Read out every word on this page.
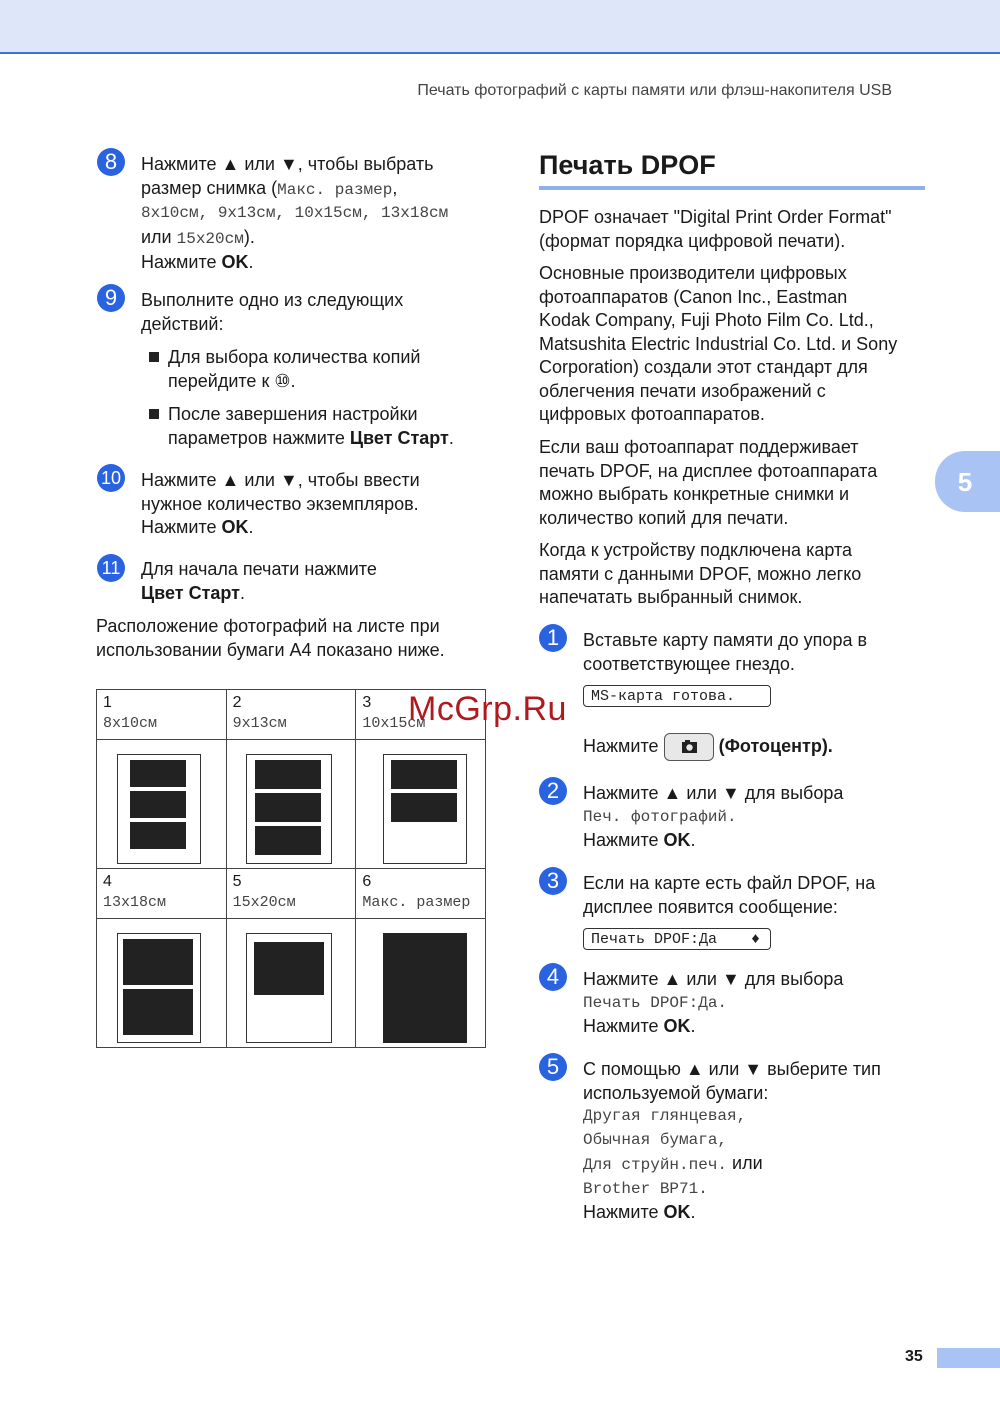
Печать фотографий с карты памяти или флэш-накопителя USB
8	Нажмите ▲ или ▼, чтобы выбрать
размер снимка (Макс. размер,
8x10см, 9x13см, 10x15см, 13x18см
или 15x20см).
Нажмите OK.
9	Выполните одно из следующих
действий:
Для выбора количества копий
перейдите к ⑩.
После завершения настройки
параметров нажмите Цвет Старт.
10 Нажмите ▲ или ▼, чтобы ввести
нужное количество экземпляров.
Нажмите OK.
11 Для начала печати нажмите
Цвет Старт.
Расположение фотографий на листе при
использовании бумаги А4 показано ниже.
1
8x10см	2
9x13см	3
10x15см

4
13x18см	5
15x20см	6
Макс. размер

Печать DPOF
DPOF означает "Digital Print Order Format"
(формат порядка цифровой печати).
Основные производители цифровых
фотоаппаратов (Canon Inc., Eastman
Kodak Company, Fuji Photo Film Co. Ltd.,
Matsushita Electric Industrial Co. Ltd. и Sony
Corporation) создали этот стандарт для
облегчения печати изображений с
цифровых фотоаппаратов.
Если ваш фотоаппарат поддерживает
печать DPOF, на дисплее фотоаппарата
можно выбрать конкретные снимки и
количество копий для печати.
Когда к устройству подключена карта
памяти с данными DPOF, можно легко
напечатать выбранный снимок.
1	Вставьте карту памяти до упора в
соответствующее гнездо.
MS-карта готова.
Нажмите	(Фотоцентр).
2	Нажмите ▲ или ▼ для выбора
Печ. фотографий.
Нажмите OK.
3	Если на карте есть файл DPOF, на
дисплее появится сообщение:
Печать DPOF:Да ♦
4	Нажмите ▲ или ▼ для выбора
Печать DPOF:Да.
Нажмите OK.
5	С помощью ▲ или ▼ выберите тип
используемой бумаги:
Другая глянцевая,
Обычная бумага,
Для струйн.печ. или
Brother BP71.
Нажмите OK.
McGrp.Ru
5
35
